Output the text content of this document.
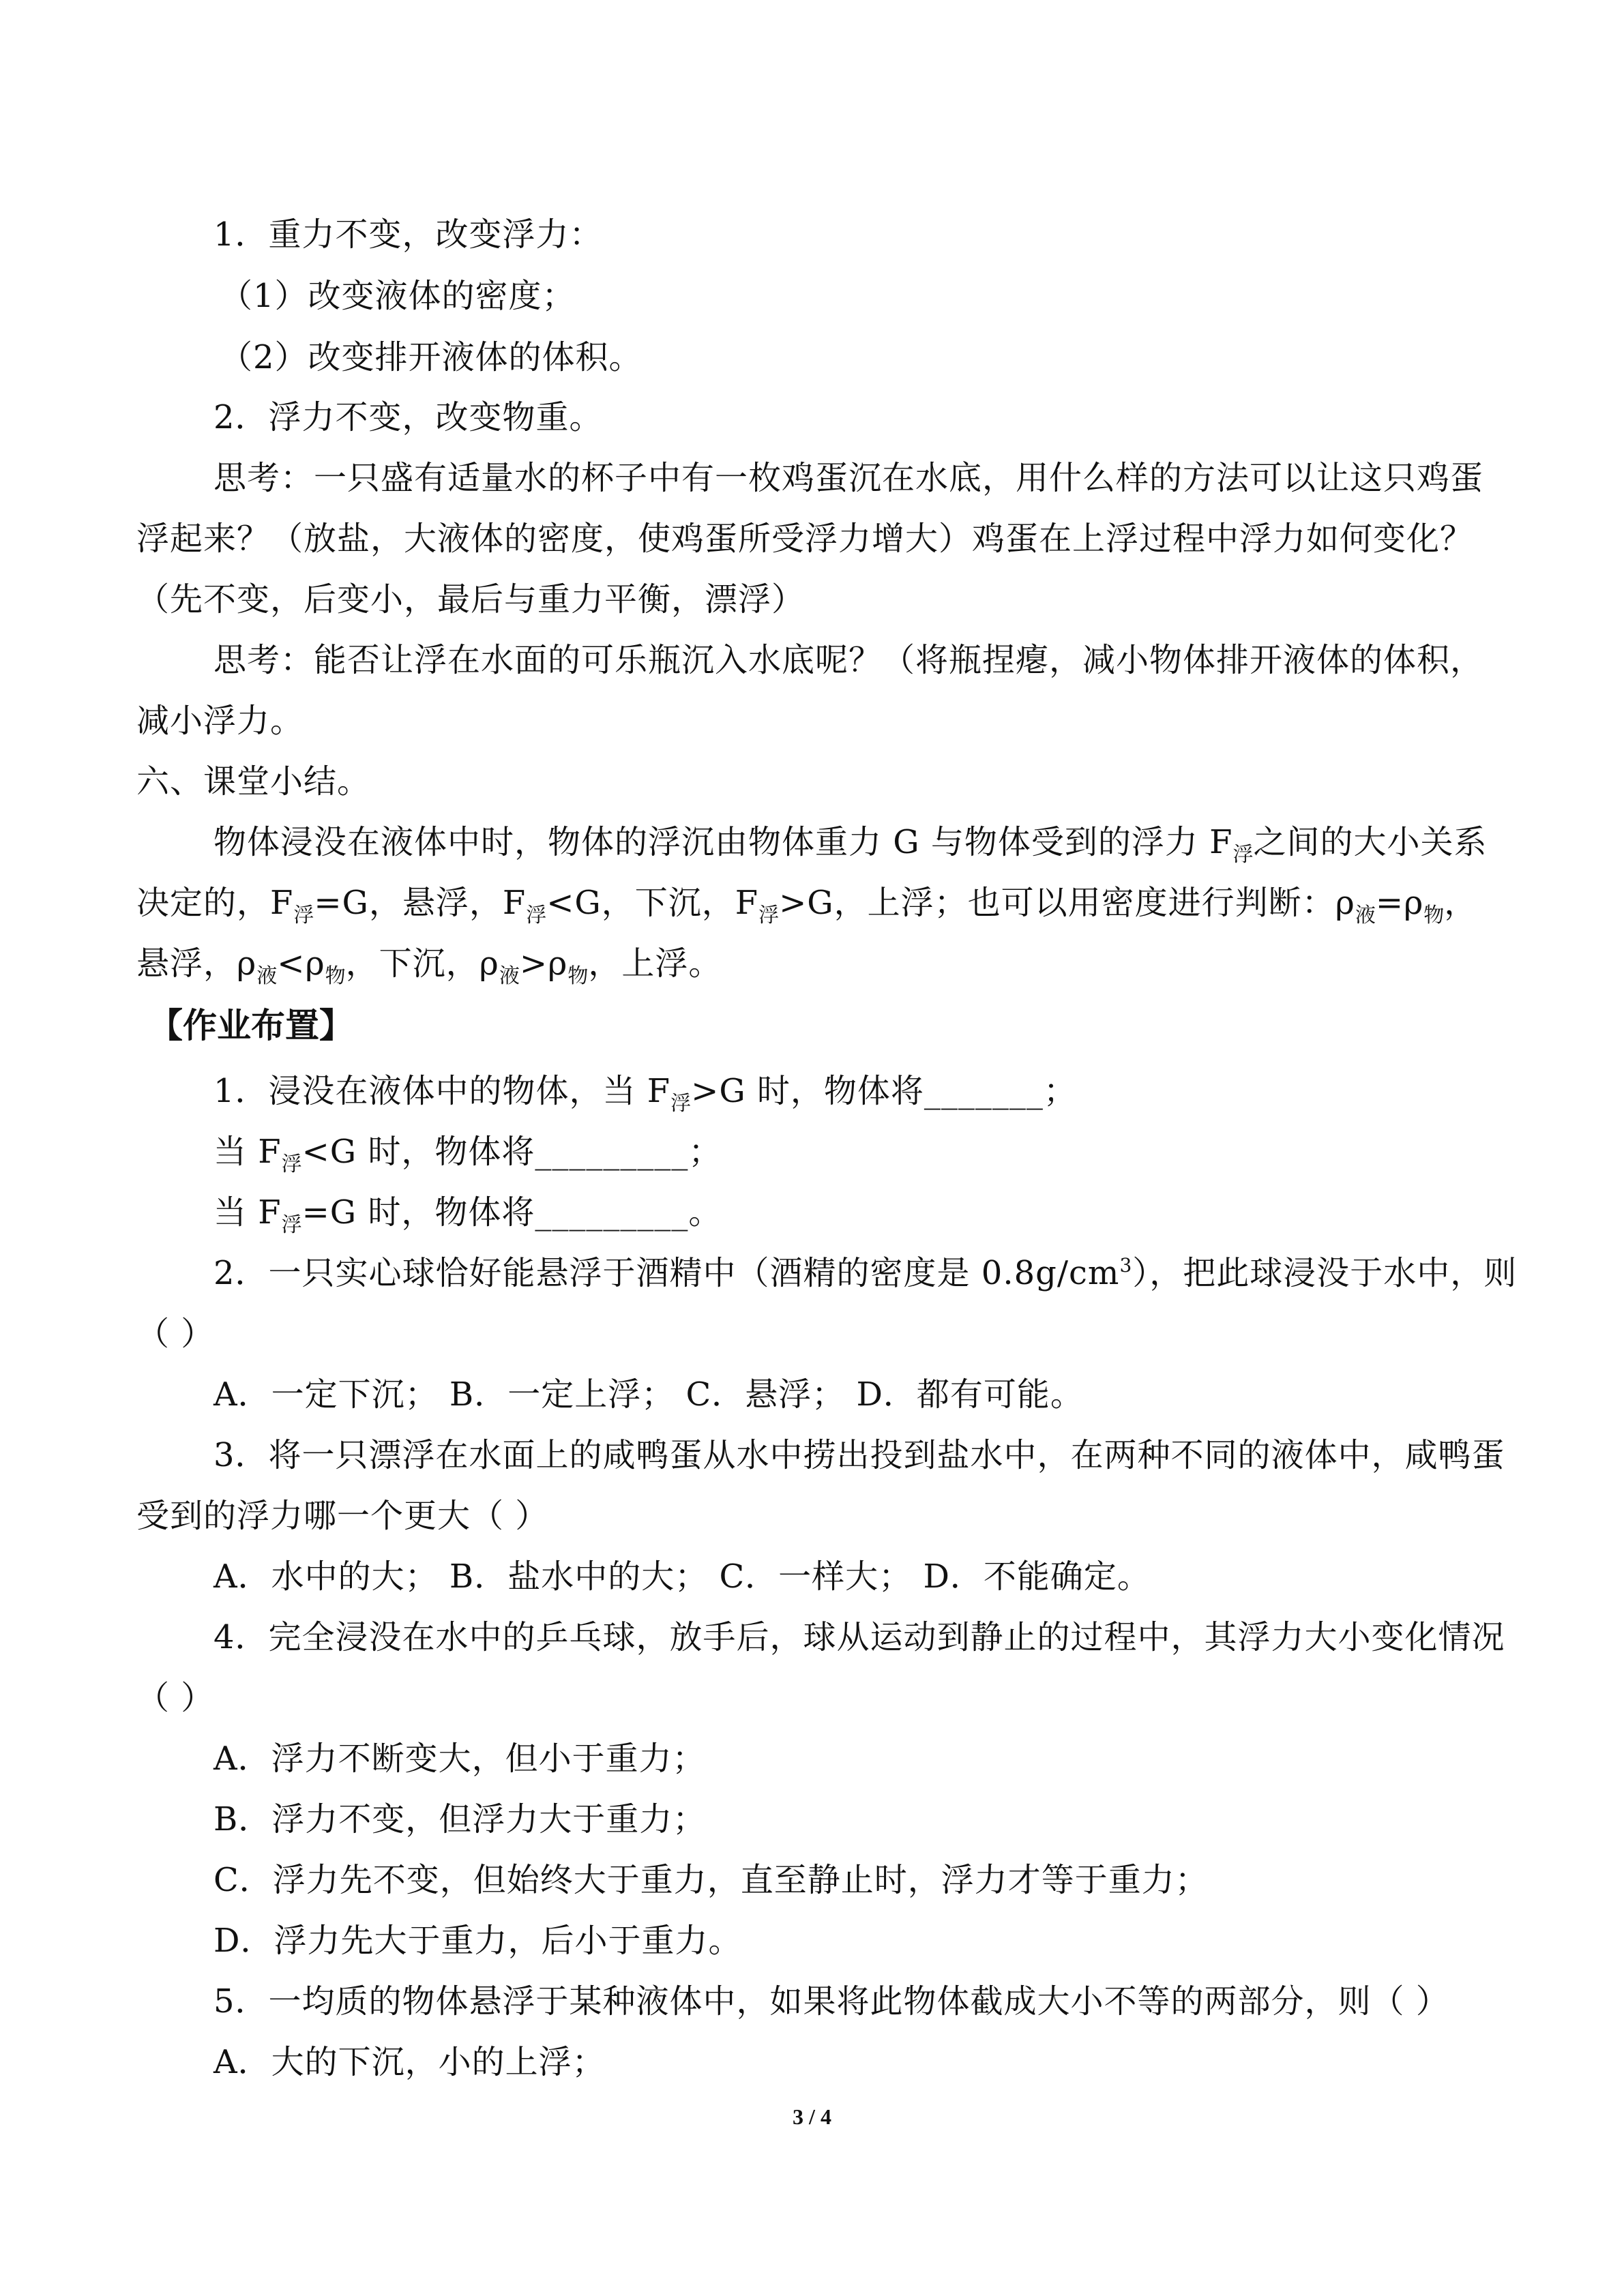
1．重力不变，改变浮力：
（1）改变液体的密度；
（2）改变排开液体的体积。
2．浮力不变，改变物重。
思考：一只盛有适量水的杯子中有一枚鸡蛋沉在水底，用什么样的方法可以让这只鸡蛋
浮起来？（放盐，大液体的密度，使鸡蛋所受浮力增大）鸡蛋在上浮过程中浮力如何变化？
（先不变，后变小，最后与重力平衡，漂浮）
思考：能否让浮在水面的可乐瓶沉入水底呢？（将瓶捏瘪，减小物体排开液体的体积，
减小浮力。
六、课堂小结。
物体浸没在液体中时，物体的浮沉由物体重力 G 与物体受到的浮力 $F_浮$之间的大小关系
决定的，$F_浮=G$，悬浮，$F_浮<G$，下沉，$F_浮>G$，上浮；也可以用密度进行判断：$\rho_液=\rho_物$，
悬浮，$\rho_液<\rho_物$，下沉，$\rho_液>\rho_物$，上浮。
【作业布置】
1．浸没在液体中的物体，当 $F_浮>G$ 时，物体将_______；
当 $F_浮<G$ 时，物体将_________；
当 $F_浮=G$ 时，物体将_________。
2．一只实心球恰好能悬浮于酒精中（酒精的密度是 $0.8g/cm^3$），把此球浸没于水中，则
（ ）
A．一定下沉； B．一定上浮； C．悬浮； D．都有可能。
3．将一只漂浮在水面上的咸鸭蛋从水中捞出投到盐水中，在两种不同的液体中，咸鸭蛋
受到的浮力哪一个更大（ ）
A．水中的大； B．盐水中的大； C．一样大； D．不能确定。
4．完全浸没在水中的乒乓球，放手后，球从运动到静止的过程中，其浮力大小变化情况
（ ）
A．浮力不断变大，但小于重力；
B．浮力不变，但浮力大于重力；
C．浮力先不变，但始终大于重力，直至静止时，浮力才等于重力；
D．浮力先大于重力，后小于重力。
5．一均质的物体悬浮于某种液体中，如果将此物体截成大小不等的两部分，则（ ）
A．大的下沉，小的上浮；
3 / 4
